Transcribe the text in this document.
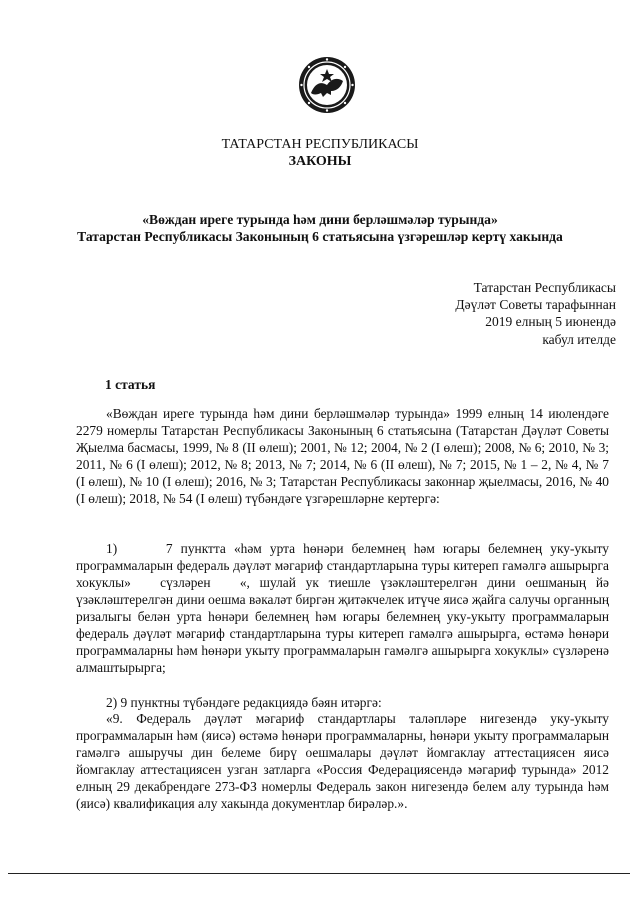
ТАТАРСТАН РЕСПУБЛИКАСЫ
ЗАКОНЫ
«Вөждан ирегe турында һәм дини берләшмәләр турында»
Татарстан Республикасы Законының 6 статьясына үзгәрешләр кертү хакында
Татарстан Республикасы
Дәүләт Советы тарафыннан
2019 елның 5 июнендә
кабул ителде
1 статья
«Вөждан ирегe турында һәм дини берләшмәләр турында» 1999 елның 14 июлендәге 2279 номерлы Татарстан Республикасы Законының 6 статьясына (Татарстан Дәүләт Советы Җыелма басмасы, 1999, № 8 (II өлеш); 2001, № 12; 2004, № 2 (I өлеш); 2008, № 6; 2010, № 3; 2011, № 6 (I өлеш); 2012, № 8; 2013, № 7; 2014, № 6 (II өлеш), № 7; 2015, № 1 – 2, № 4, № 7 (I өлеш), № 10 (I өлеш); 2016, № 3; Татарстан Республикасы законнар җыелмасы, 2016, № 40 (I өлеш); 2018, № 54 (I өлеш) түбәндәге үзгәрешләрне кертергә:
1)      7 пунктта «һәм урта һөнәри белемнең һәм югары белемнең уку-укыту программаларын федераль дәүләт мәгариф стандартларына туры китереп гамәлгә ашырырга хокуклы»   сүзләрен   «, шулай ук тиешле үзәкләштерелгән дини оешманың йә үзәкләштерелгән дини оешма вәкаләт биргән җитәкчелек итүче яисә җайга салучы органның ризалыгы белән урта һөнәри белемнең һәм югары белемнең уку-укыту программаларын федераль дәүләт мәгариф стандартларына туры китереп гамәлгә ашырырга, өстәмә һөнәри программаларны һәм һөнәри укыту программаларын гамәлгә ашырырга хокуклы» сүзләренә алмаштырырга;
2) 9 пунктны түбәндәге редакциядә бәян итәргә:
«9. Федераль дәүләт мәгариф стандартлары таләпләре нигезендә уку-укыту программаларын һәм (яисә) өстәмә һөнәри программаларны, һөнәри укыту программаларын гамәлгә ашыручы дин белеме бирү оешмалары дәүләт йомгаклау аттестациясен яисә йомгаклау аттестациясен узган затларга «Россия Федерациясендә мәгариф турында» 2012 елның 29 декабрендәге 273-ФЗ номерлы Федераль закон нигезендә белем алу турында һәм (яисә) квалификация алу хакында документлар бирәләр.».
